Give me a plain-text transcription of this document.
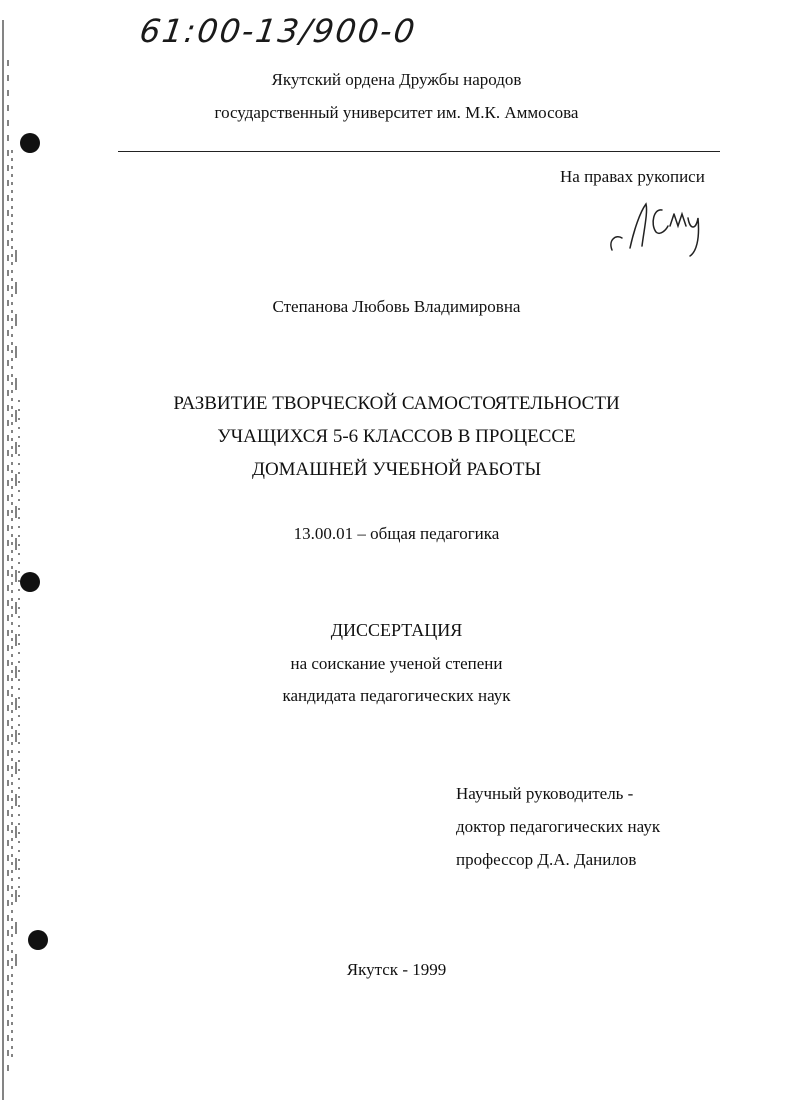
61:00-13/900-0
Якутский ордена Дружбы народов
государственный университет им. М.К. Аммосова
На правах рукописи
Степанова Любовь Владимировна
РАЗВИТИЕ ТВОРЧЕСКОЙ САМОСТОЯТЕЛЬНОСТИ
УЧАЩИХСЯ 5-6 КЛАССОВ В ПРОЦЕССЕ
ДОМАШНЕЙ УЧЕБНОЙ РАБОТЫ
13.00.01 – общая педагогика
ДИССЕРТАЦИЯ
на соискание ученой степени
кандидата педагогических наук
Научный руководитель -
доктор педагогических наук
профессор Д.А. Данилов
Якутск - 1999
